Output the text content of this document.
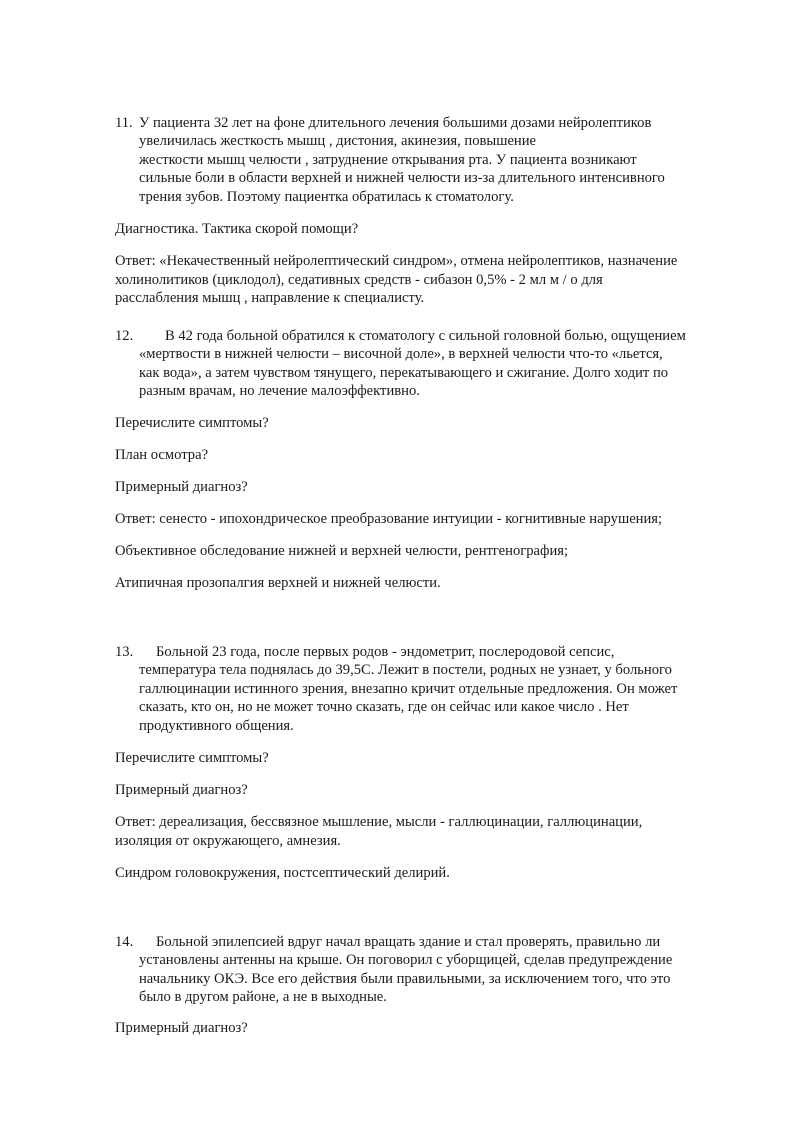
11. У пациента 32 лет на фоне длительного лечения большими дозами нейролептиков
увеличилась жесткость мышц , дистония, акинезия, повышение
жесткости мышц челюсти , затруднение открывания рта. У пациента возникают
сильные боли в области верхней и нижней челюсти из-за длительного интенсивного
трения зубов. Поэтому пациентка обратилась к стоматологу.
Диагностика. Тактика скорой помощи?
Ответ: «Некачественный нейролептический синдром», отмена нейролептиков, назначение
холинолитиков (циклодол), седативных средств - сибазон 0,5% - 2 мл м / о для
расслабления мышц , направление к специалисту.
12. В 42 года больной обратился к стоматологу с сильной головной болью, ощущением
«мертвости в нижней челюсти – височной доле», в верхней челюсти что-то «льется,
как вода», а затем чувством тянущего, перекатывающего и сжигание. Долго ходит по
разным врачам, но лечение малоэффективно.
Перечислите симптомы?
План осмотра?
Примерный диагноз?
Ответ: сенесто - ипохондрическое преобразование интуиции - когнитивные нарушения;
Объективное обследование нижней и верхней челюсти, рентгенография;
Атипичная прозопалгия верхней и нижней челюсти.
13. Больной 23 года, после первых родов - эндометрит, послеродовой сепсис,
температура тела поднялась до 39,5С. Лежит в постели, родных не узнает, у больного
галлюцинации истинного зрения, внезапно кричит отдельные предложения. Он может
сказать, кто он, но не может точно сказать, где он сейчас или какое число . Нет
продуктивного общения.
Перечислите симптомы?
Примерный диагноз?
Ответ: дереализация, бессвязное мышление, мысли - галлюцинации, галлюцинации,
изоляция от окружающего, амнезия.
Синдром головокружения, постсептический делирий.
14. Больной эпилепсией вдруг начал вращать здание и стал проверять, правильно ли
установлены антенны на крыше. Он поговорил с уборщицей, сделав предупреждение
начальнику ОКЭ. Все его действия были правильными, за исключением того, что это
было в другом районе, а не в выходные.
Примерный диагноз?
